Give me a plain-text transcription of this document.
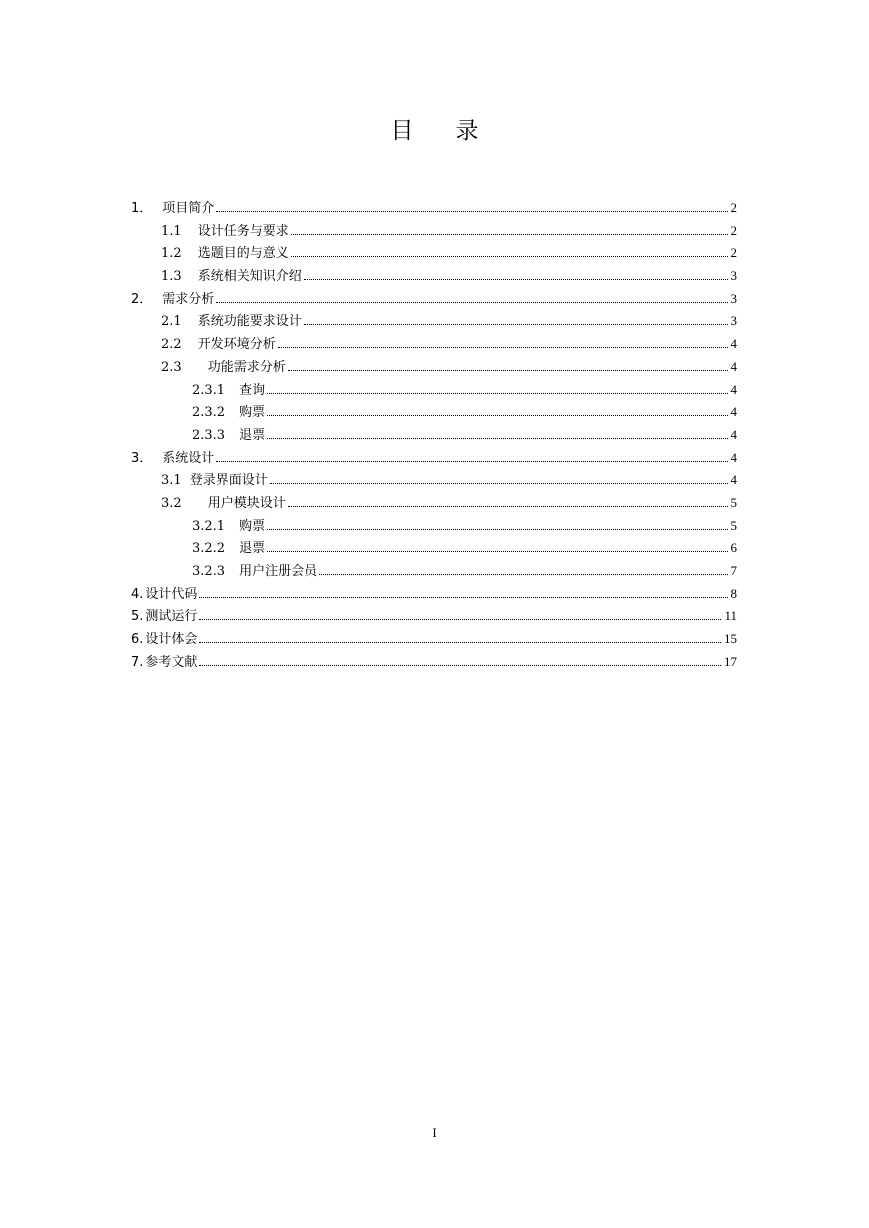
目 录
1． 项目简介	2
1.1 设计任务与要求	2
1.2 选题目的与意义	2
1.3 系统相关知识介绍	3
2． 需求分析	3
2.1 系统功能要求设计	3
2.2 开发环境分析	4
2.3 功能需求分析	4
2.3.1 查询	4
2.3.2 购票	4
2.3.3 退票	4
3． 系统设计	4
3.1 登录界面设计	4
3.2 用户模块设计	5
3.2.1 购票	5
3.2.2 退票	6
3.2.3 用户注册会员	7
4. 设计代码	8
5. 测试运行	11
6. 设计体会	15
7. 参考文献	17
I
